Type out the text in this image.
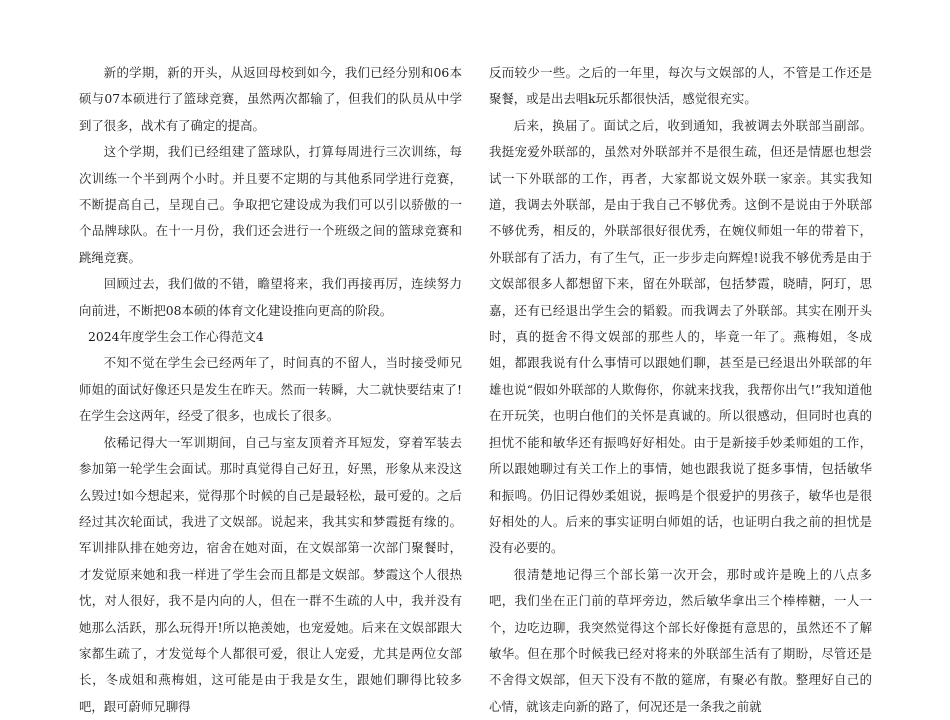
新的学期，新的开头，从返回母校到如今，我们已经分别和06本硕与07本硕进行了篮球竞赛，虽然两次都输了，但我们的队员从中学到了很多，战术有了确定的提高。

这个学期，我们已经组建了篮球队，打算每周进行三次训练，每次训练一个半到两个小时。并且要不定期的与其他系同学进行竞赛，不断提高自己，呈现自己。争取把它建设成为我们可以引以骄傲的一个品牌球队。在十一月份，我们还会进行一个班级之间的篮球竞赛和跳绳竞赛。

回顾过去，我们做的不错，瞻望将来，我们再接再厉，连续努力向前进，不断把08本硕的体育文化建设推向更高的阶段。

2024年度学生会工作心得范文4

不知不觉在学生会已经两年了，时间真的不留人，当时接受师兄师姐的面试好像还只是发生在昨天。然而一转瞬，大二就快要结束了!在学生会这两年，经受了很多，也成长了很多。

依稀记得大一军训期间，自己与室友顶着齐耳短发，穿着军装去参加第一轮学生会面试。那时真觉得自己好丑，好黑，形象从来没这么毁过!如今想起来，觉得那个时候的自己是最轻松，最可爱的。之后经过其次轮面试，我进了文娱部。说起来，我其实和梦霞挺有缘的。军训排队排在她旁边，宿舍在她对面，在文娱部第一次部门聚餐时，才发觉原来她和我一样进了学生会而且都是文娱部。梦霞这个人很热忱，对人很好，我不是内向的人，但在一群不生疏的人中，我并没有她那么活跃，那么玩得开!所以艳羡她，也宠爱她。后来在文娱部跟大家都生疏了，才发觉每个人都很可爱，很让人宠爱，尤其是两位女部长，冬成姐和燕梅姐，这可能是由于我是女生，跟她们聊得比较多吧，跟可蔚师兄聊得

反而较少一些。之后的一年里，每次与文娱部的人，不管是工作还是聚餐，或是出去唱k玩乐都很快活，感觉很充实。

后来，换届了。面试之后，收到通知，我被调去外联部当副部。我挺宠爱外联部的，虽然对外联部并不是很生疏，但还是情愿也想尝试一下外联部的工作，再者，大家都说文娱外联一家亲。其实我知道，我调去外联部，是由于我自己不够优秀。这倒不是说由于外联部不够优秀，相反的，外联部很好很优秀，在婉仪师姐一年的带着下，外联部有了活力，有了生气，正一步步走向辉煌!说我不够优秀是由于文娱部很多人都想留下来，留在外联部，包括梦霞，晓晴，阿玎，思嘉，还有已经退出学生会的韬毅。而我调去了外联部。其实在刚开头时，真的挺舍不得文娱部的那些人的，毕竟一年了。燕梅姐，冬成姐，都跟我说有什么事情可以跟她们聊，甚至是已经退出外联部的年雄也说“假如外联部的人欺侮你，你就来找我，我帮你出气!”我知道他在开玩笑，也明白他们的关怀是真诚的。所以很感动，但同时也真的担忧不能和敏华还有振鸣好好相处。由于是新接手妙柔师姐的工作，所以跟她聊过有关工作上的事情，她也跟我说了挺多事情，包括敏华和振鸣。仍旧记得妙柔姐说，振鸣是个很爱护的男孩子，敏华也是很好相处的人。后来的事实证明白师姐的话，也证明白我之前的担忧是没有必要的。

很清楚地记得三个部长第一次开会，那时或许是晚上的八点多吧，我们坐在正门前的草坪旁边，然后敏华拿出三个棒棒糖，一人一个，边吃边聊，我突然觉得这个部长好像挺有意思的，虽然还不了解敏华。但在那个时候我已经对将来的外联部生活有了期盼，尽管还是不舍得文娱部，但天下没有不散的筵席，有聚必有散。整理好自己的心情，就该走向新的路了，何况还是一条我之前就
